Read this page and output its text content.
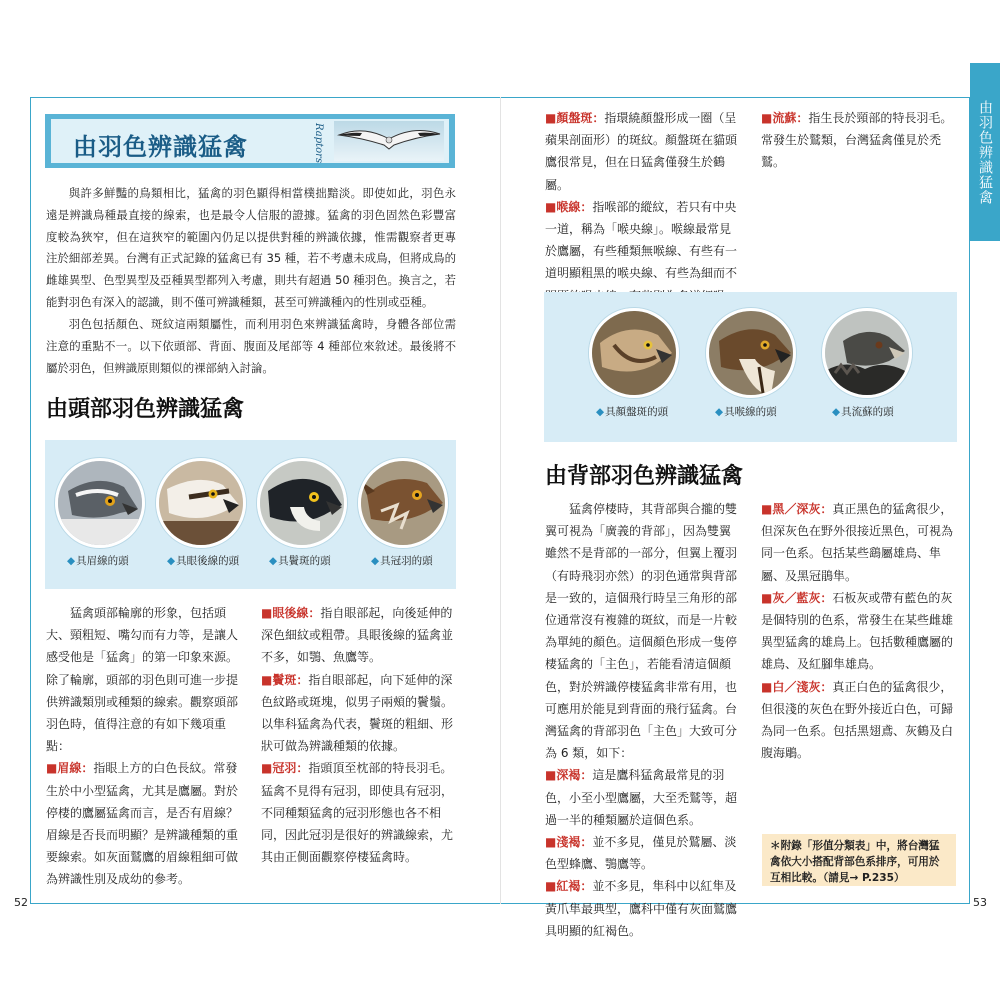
由羽色辨識猛禽
52	53
由羽色辨識猛禽	Raptors

與許多鮮豔的鳥類相比，猛禽的羽色顯得相當樸拙黯淡。即使如此，羽色永遠是辨識鳥種最直接的線索，也是最令人信服的證據。猛禽的羽色固然色彩豐富度較為狹窄，但在這狹窄的範圍內仍足以提供對種的辨識依據，惟需觀察者更專注於細部差異。台灣有正式記錄的猛禽已有 35 種，若不考慮未成鳥，但將成鳥的雌雄異型、色型異型及亞種異型都列入考慮，則共有超過 50 種羽色。換言之，若能對羽色有深入的認識，則不僅可辨識種類，甚至可辨識種內的性別或亞種。

羽色包括顏色、斑紋這兩類屬性，而利用羽色來辨識猛禽時，身體各部位需注意的重點不一。以下依頭部、背面、腹面及尾部等 4 種部位來敘述。最後將不屬於羽色，但辨識原則類似的裸部納入討論。

由頭部羽色辨識猛禽
◆具眉線的頭	◆具眼後線的頭	◆具鬢斑的頭	◆具冠羽的頭

猛禽頭部輪廓的形象，包括頭大、頸粗短、嘴勾而有力等，是讓人感受他是「猛禽」的第一印象來源。除了輪廓，頭部的羽色則可進一步提供辨識類別或種類的線索。觀察頭部羽色時，值得注意的有如下幾項重點：

■眉線：指眼上方的白色長紋。常發生於中小型猛禽，尤其是鷹屬。對於停棲的鷹屬猛禽而言，是否有眉線？眉線是否長而明顯？是辨識種類的重要線索。如灰面鷲鷹的眉線粗細可做為辨識性別及成幼的參考。

■眼後線：指自眼部起，向後延伸的深色細紋或粗帶。具眼後線的猛禽並不多，如鶚、魚鷹等。

■鬢斑：指自眼部起，向下延伸的深色紋路或斑塊，似男子兩頰的鬢鬚。以隼科猛禽為代表，鬢斑的粗細、形狀可做為辨識種類的依據。

■冠羽：指頭頂至枕部的特長羽毛。猛禽不見得有冠羽，即使具有冠羽，不同種類猛禽的冠羽形態也各不相同，因此冠羽是很好的辨識線索，尤其由正側面觀察停棲猛禽時。

■顏盤斑：指環繞顏盤形成一圈（呈蘋果剖面形）的斑紋。顏盤斑在貓頭鷹很常見，但在日猛禽僅發生於鶴屬。

■喉線：指喉部的縱紋，若只有中央一道，稱為「喉央線」。喉線最常見於鷹屬，有些種類無喉線、有些有一道明顯粗黑的喉央線、有些為細而不

■流蘇：指生長於頸部的特長羽毛。常發生於鷲類，台灣猛禽僅見於禿鷲。

◆具顏盤斑的頭	◆具喉線的頭	◆具流蘇的頭
由背部羽色辨識猛禽

猛禽停棲時，其背部與合攏的雙翼可視為「廣義的背部」，因為雙翼雖然不是背部的一部分，但翼上覆羽（有時飛羽亦然）的羽色通常與背部是一致的，這個飛行時呈三角形的部位通常沒有複雜的斑紋，而是一片較為單純的顏色。這個顏色形成一隻停棲猛禽的「主色」，若能看清這個顏色，對於辨識停棲猛禽非常有用，也可應用於能見到背面的飛行猛禽。台灣猛禽的背部羽色「主色」大致可分為 6 類，如下：

■深褐：這是鷹科猛禽最常見的羽色，小至小型鷹屬，大至禿鷲等，超過一半的種類屬於這個色系。

■淺褐：並不多見，僅見於鷲屬、淡色型蜂鷹、鶚鷹等。

■紅褐：並不多見，隼科中以紅隼及黃爪隼最典型，鷹科中僅有灰面鷲鷹具明顯的紅褐色。

■黑／深灰：真正黑色的猛禽很少，但深灰色在野外很接近黑色，可視為同一色系。包括某些鷂屬雄鳥、隼屬、及黑冠鵑隼。

■灰／藍灰：石板灰或帶有藍色的灰是個特別的色系，常發生在某些雌雄異型猛禽的雄鳥上。包括數種鷹屬的雄鳥、及紅腳隼雄鳥。

■白／淺灰：真正白色的猛禽很少，但很淺的灰色在野外接近白色，可歸為同一色系。包括黑翅鳶、灰鶴及白腹海鵰。

＊附錄「形值分類表」中，將台灣猛禽依大小搭配背部色系排序，可用於互相比較。（請見→ P.235）
